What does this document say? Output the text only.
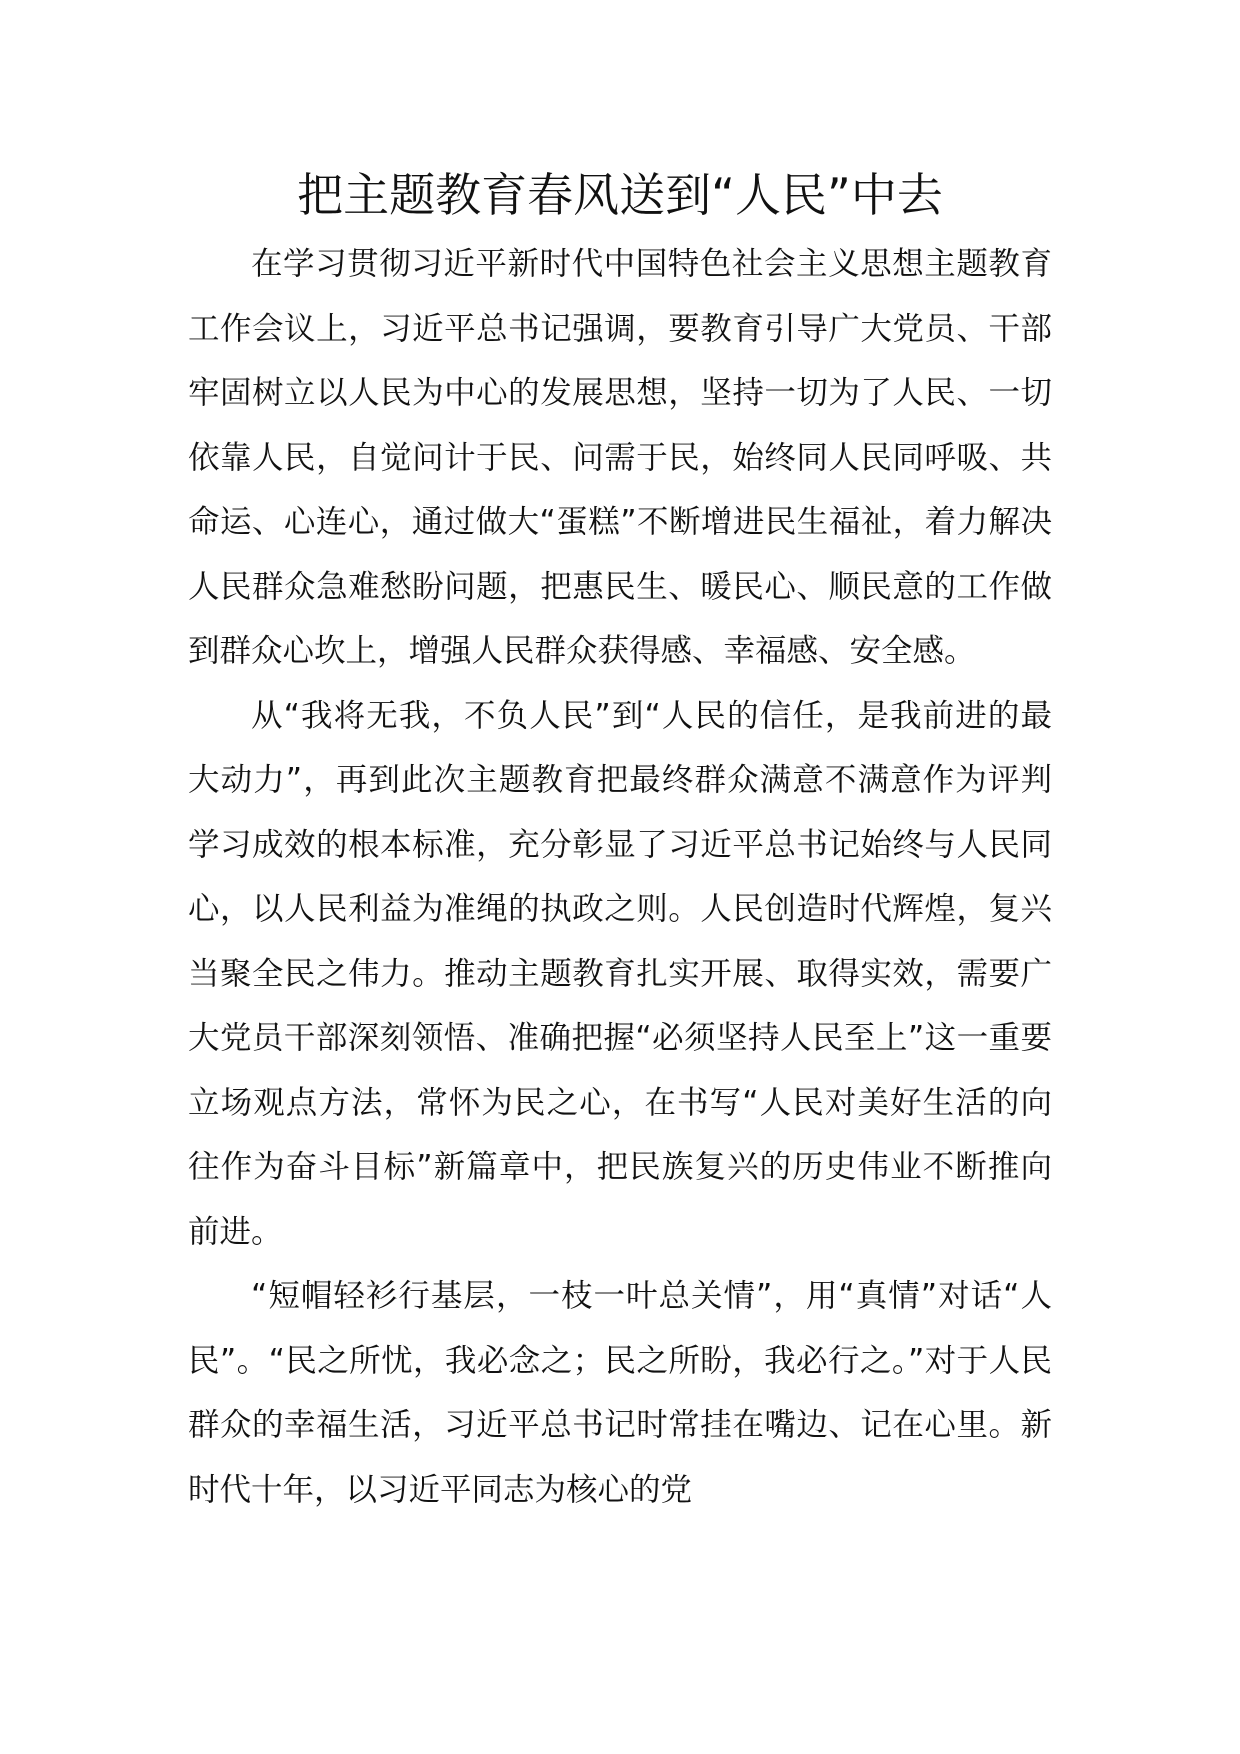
把主题教育春风送到“人民”中去

在学习贯彻习近平新时代中国特色社会主义思想主题教育工作会议上，习近平总书记强调，要教育引导广大党员、干部牢固树立以人民为中心的发展思想，坚持一切为了人民、一切依靠人民，自觉问计于民、问需于民，始终同人民同呼吸、共命运、心连心，通过做大“蛋糕”不断增进民生福祉，着力解决人民群众急难愁盼问题，把惠民生、暖民心、顺民意的工作做到群众心坎上，增强人民群众获得感、幸福感、安全感。

从“我将无我，不负人民”到“人民的信任，是我前进的最大动力”，再到此次主题教育把最终群众满意不满意作为评判学习成效的根本标准，充分彰显了习近平总书记始终与人民同心，以人民利益为准绳的执政之则。人民创造时代辉煌，复兴当聚全民之伟力。推动主题教育扎实开展、取得实效，需要广大党员干部深刻领悟、准确把握“必须坚持人民至上”这一重要立场观点方法，常怀为民之心，在书写“人民对美好生活的向往作为奋斗目标”新篇章中，把民族复兴的历史伟业不断推向前进。

“短帽轻衫行基层，一枝一叶总关情”，用“真情”对话“人民”。“民之所忧，我必念之；民之所盼，我必行之。”对于人民群众的幸福生活，习近平总书记时常挂在嘴边、记在心里。新时代十年，以习近平同志为核心的党
